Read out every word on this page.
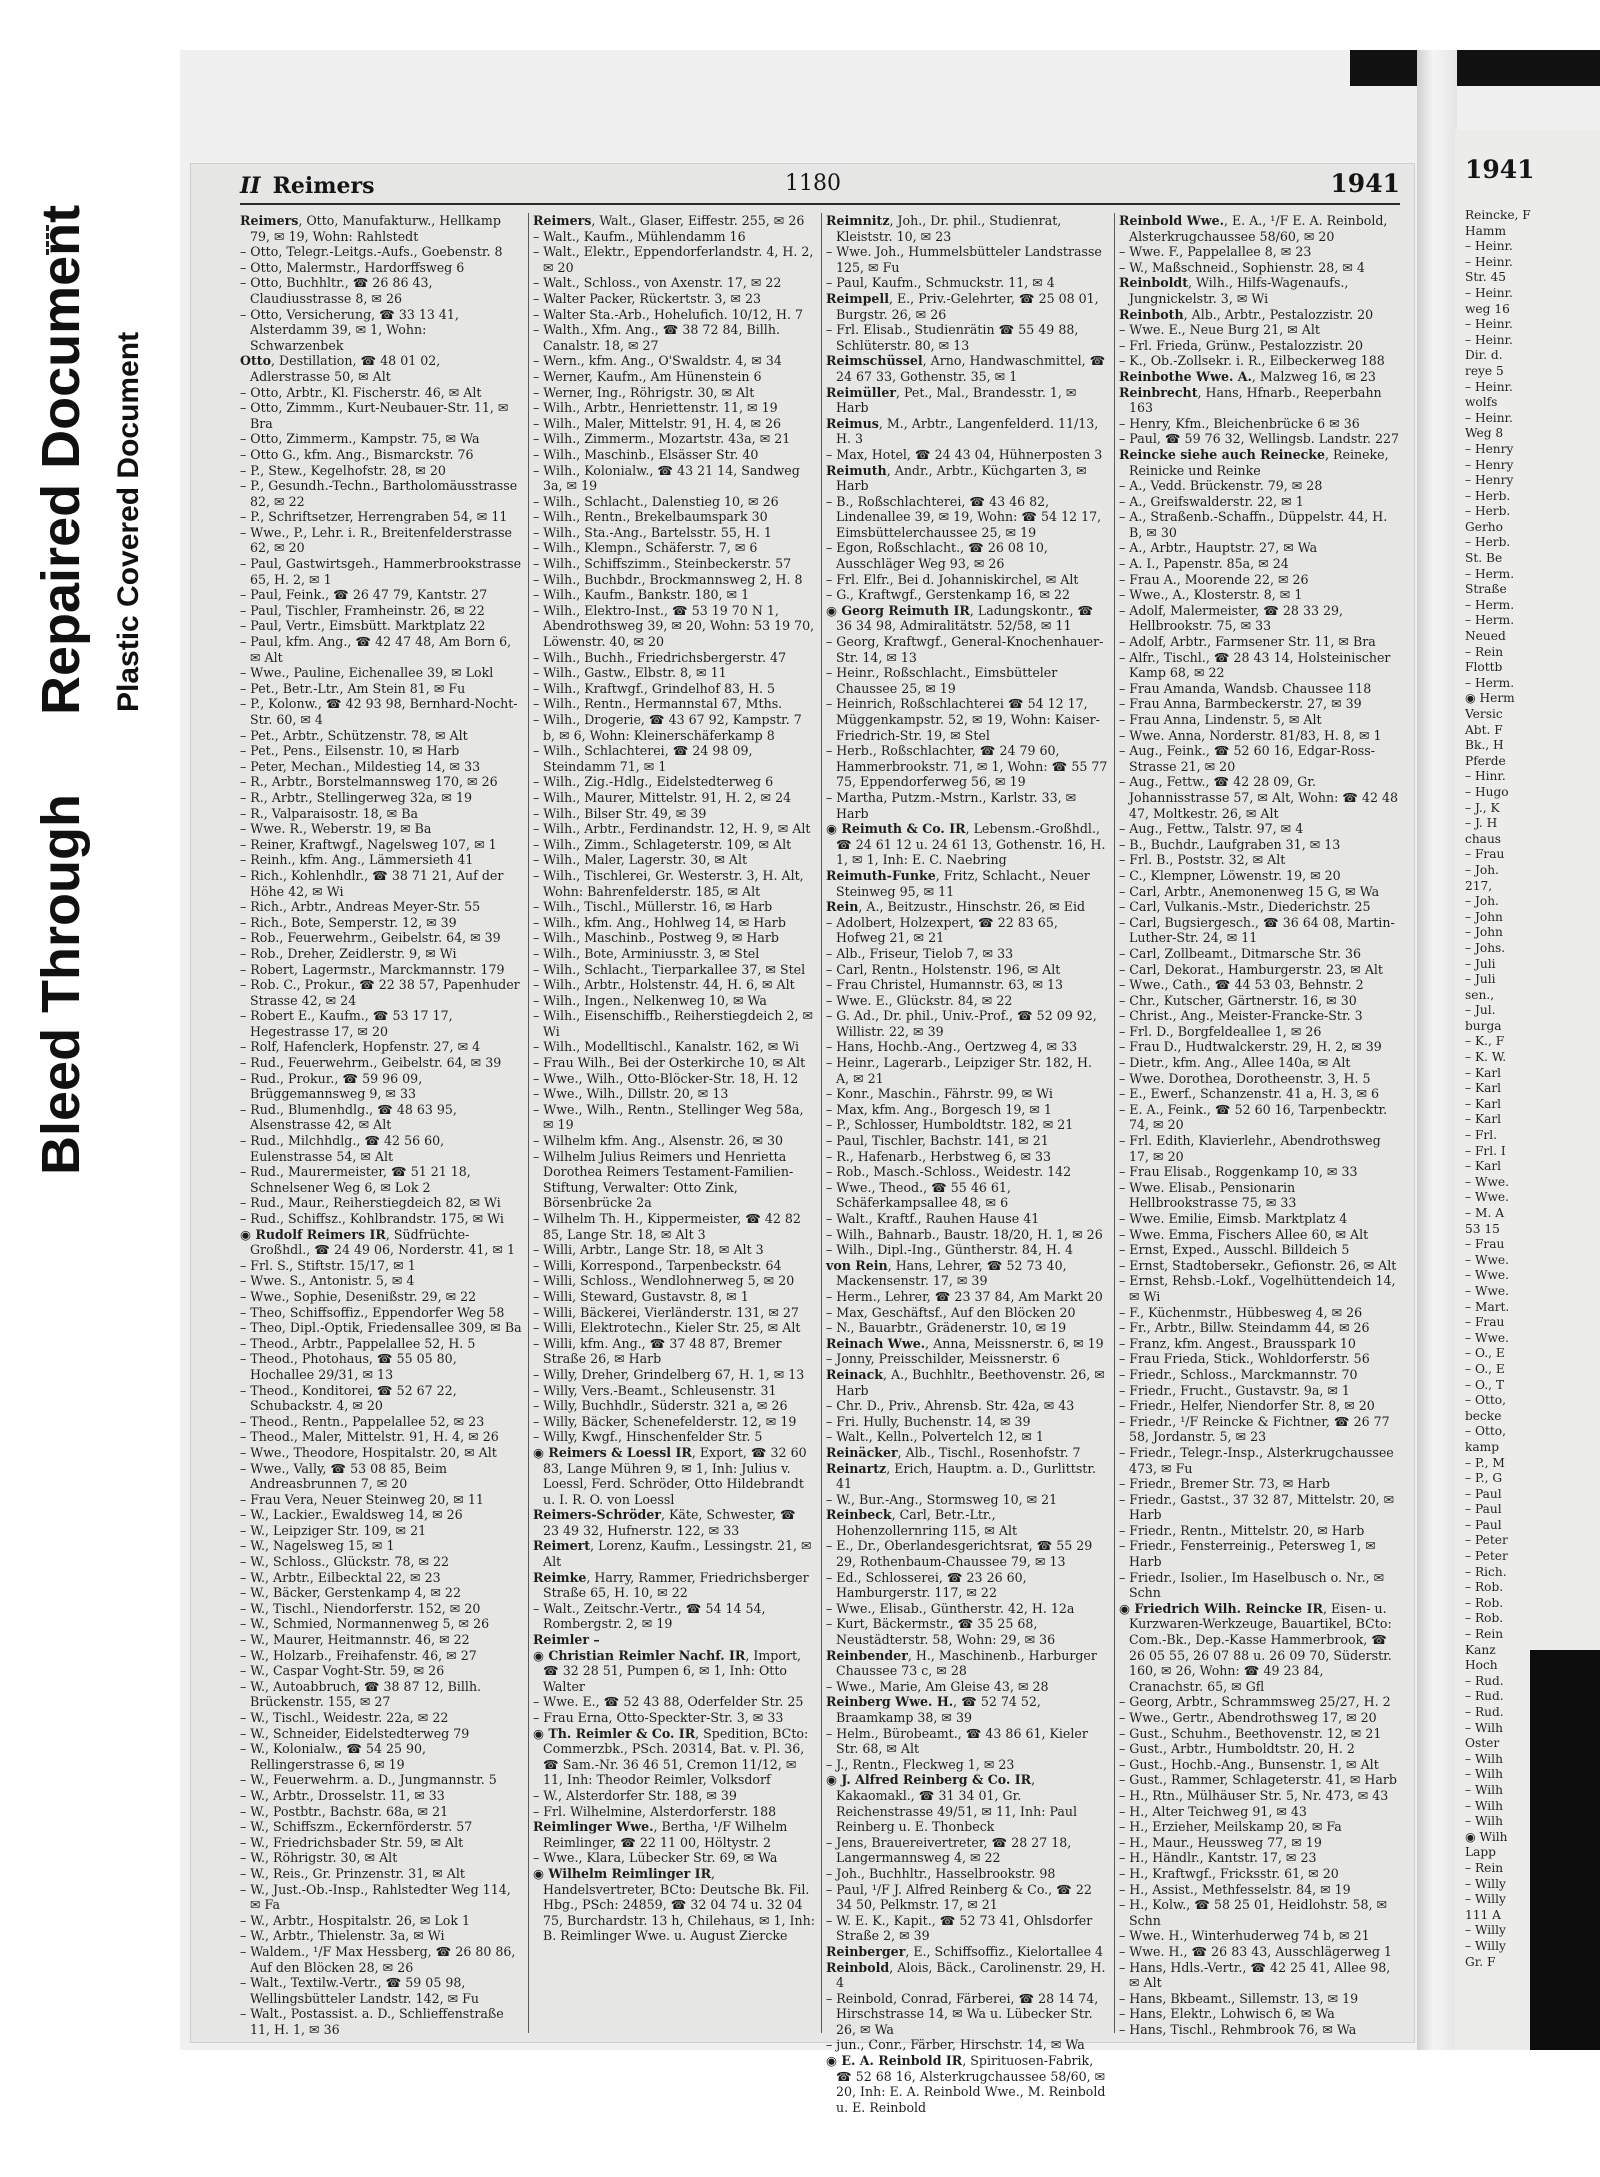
Bleed Through
Repaired Document Plastic Covered Document
1941
Reincke, F
Hamm
– Heinr.
– Heinr.
Str. 45
– Heinr.
weg 16
– Heinr.
– Heinr.
Dir. d.
reye 5
– Heinr.
wolfs
– Heinr.
Weg 8
– Henry
– Henry
– Henry
– Herb.
– Herb.
Gerho
– Herb.
St. Be
– Herm.
Straße
– Herm.
– Herm.
Neued
– Rein
Flottb
– Herm.
◉ Herm
Versic
Abt. F
Bk., H
Pferde
– Hinr.
– Hugo
– J., K
– J. H
chaus
– Frau
– Joh.
217,
– Joh.
– John
– John
– Johs.
– Juli
– Juli
sen.,
– Jul.
burga
– K., F
– K. W.
– Karl
– Karl
– Karl
– Karl
– Frl.
– Frl. I
– Karl
– Wwe.
– Wwe.
– M. A
53 15
– Frau
– Wwe.
– Wwe.
– Wwe.
– Mart.
– Frau
– Wwe.
– O., E
– O., E
– O., T
– Otto,
becke
– Otto,
kamp
– P., M
– P., G
– Paul
– Paul
– Paul
– Peter
– Peter
– Rich.
– Rob.
– Rob.
– Rob.
– Rein
Kanz
Hoch
– Rud.
– Rud.
– Rud.
– Wilh
Oster
– Wilh
– Wilh
– Wilh
– Wilh
– Wilh
◉ Wilh
Lapp
– Rein
– Willy
– Willy
111 A
– Willy
– Willy
Gr. F
II Reimers	1180	1941

Reimers, Otto, Manufakturw., Hellkamp 79, ✉ 19, Wohn: Rahlstedt

– Otto, Telegr.-Leitgs.-Aufs., Goebenstr. 8

– Otto, Malermstr., Hardorffsweg 6

– Otto, Buchhltr., ☎ 26 86 43, Claudiusstrasse 8, ✉ 26

– Otto, Versicherung, ☎ 33 13 41, Alsterdamm 39, ✉ 1, Wohn: Schwarzenbek

Otto, Destillation, ☎ 48 01 02, Adlerstrasse 50, ✉ Alt

– Otto, Arbtr., Kl. Fischerstr. 46, ✉ Alt

– Otto, Zimmm., Kurt-Neubauer-Str. 11, ✉ Bra

– Otto, Zimmerm., Kampstr. 75, ✉ Wa

– Otto G., kfm. Ang., Bismarckstr. 76

– P., Stew., Kegelhofstr. 28, ✉ 20

– P., Gesundh.-Techn., Bartholomäusstrasse 82, ✉ 22

– P., Schriftsetzer, Herrengraben 54, ✉ 11

– Wwe., P., Lehr. i. R., Breitenfelderstrasse 62, ✉ 20

– Paul, Gastwirtsgeh., Hammerbrookstrasse 65, H. 2, ✉ 1

– Paul, Feink., ☎ 26 47 79, Kantstr. 27

– Paul, Tischler, Framheinstr. 26, ✉ 22

– Paul, Vertr., Eimsbütt. Marktplatz 22

– Paul, kfm. Ang., ☎ 42 47 48, Am Born 6, ✉ Alt

– Wwe., Pauline, Eichenallee 39, ✉ Lokl

– Pet., Betr.-Ltr., Am Stein 81, ✉ Fu

– P., Kolonw., ☎ 42 93 98, Bernhard-Nocht-Str. 60, ✉ 4

– Pet., Arbtr., Schützenstr. 78, ✉ Alt

– Pet., Pens., Eilsenstr. 10, ✉ Harb

– Peter, Mechan., Mildestieg 14, ✉ 33

– R., Arbtr., Borstelmannsweg 170, ✉ 26

– R., Arbtr., Stellingerweg 32a, ✉ 19

– R., Valparaisostr. 18, ✉ Ba

– Wwe. R., Weberstr. 19, ✉ Ba

– Reiner, Kraftwgf., Nagelsweg 107, ✉ 1

– Reinh., kfm. Ang., Lämmersieth 41

– Rich., Kohlenhdlr., ☎ 38 71 21, Auf der Höhe 42, ✉ Wi

– Rich., Arbtr., Andreas Meyer-Str. 55

– Rich., Bote, Semperstr. 12, ✉ 39

– Rob., Feuerwehrm., Geibelstr. 64, ✉ 39

– Rob., Dreher, Zeidlerstr. 9, ✉ Wi

– Robert, Lagermstr., Marckmannstr. 179

– Rob. C., Prokur., ☎ 22 38 57, Papenhuder Strasse 42, ✉ 24

– Robert E., Kaufm., ☎ 53 17 17, Hegestrasse 17, ✉ 20

– Rolf, Hafenclerk, Hopfenstr. 27, ✉ 4

– Rud., Feuerwehrm., Geibelstr. 64, ✉ 39

– Rud., Prokur., ☎ 59 96 09, Brüggemannsweg 9, ✉ 33

– Rud., Blumenhdlg., ☎ 48 63 95, Alsenstrasse 42, ✉ Alt

– Rud., Milchhdlg., ☎ 42 56 60, Eulenstrasse 54, ✉ Alt

– Rud., Maurermeister, ☎ 51 21 18, Schnelsener Weg 6, ✉ Lok 2

– Rud., Maur., Reiherstiegdeich 82, ✉ Wi

– Rud., Schiffsz., Kohlbrandstr. 175, ✉ Wi

◉ Rudolf Reimers IR, Südfrüchte-Großhdl., ☎ 24 49 06, Norderstr. 41, ✉ 1

– Frl. S., Stiftstr. 15/17, ✉ 1

– Wwe. S., Antonistr. 5, ✉ 4

– Wwe., Sophie, Desenißstr. 29, ✉ 22

– Theo, Schiffsoffiz., Eppendorfer Weg 58

– Theo, Dipl.-Optik, Friedensallee 309, ✉ Ba

– Theod., Arbtr., Pappelallee 52, H. 5

– Theod., Photohaus, ☎ 55 05 80, Hochallee 29/31, ✉ 13

– Theod., Konditorei, ☎ 52 67 22, Schubackstr. 4, ✉ 20

– Theod., Rentn., Pappelallee 52, ✉ 23

– Theod., Maler, Mittelstr. 91, H. 4, ✉ 26

– Wwe., Theodore, Hospitalstr. 20, ✉ Alt

– Wwe., Vally, ☎ 53 08 85, Beim Andreasbrunnen 7, ✉ 20

– Frau Vera, Neuer Steinweg 20, ✉ 11

– W., Lackier., Ewaldsweg 14, ✉ 26

– W., Leipziger Str. 109, ✉ 21

– W., Nagelsweg 15, ✉ 1

– W., Schloss., Glückstr. 78, ✉ 22

– W., Arbtr., Eilbecktal 22, ✉ 23

– W., Bäcker, Gerstenkamp 4, ✉ 22

– W., Tischl., Niendorferstr. 152, ✉ 20

– W., Schmied, Normannenweg 5, ✉ 26

– W., Maurer, Heitmannstr. 46, ✉ 22

– W., Holzarb., Freihafenstr. 46, ✉ 27

– W., Caspar Voght-Str. 59, ✉ 26

– W., Autoabbruch, ☎ 38 87 12, Billh. Brückenstr. 155, ✉ 27

– W., Tischl., Weidestr. 22a, ✉ 22

– W., Schneider, Eidelstedterweg 79

– W., Kolonialw., ☎ 54 25 90, Rellingerstrasse 6, ✉ 19

– W., Feuerwehrm. a. D., Jungmannstr. 5

– W., Arbtr., Drosselstr. 11, ✉ 33

– W., Postbtr., Bachstr. 68a, ✉ 21

– W., Schiffszm., Eckernförderstr. 57

– W., Friedrichsbader Str. 59, ✉ Alt

– W., Röhrigstr. 30, ✉ Alt

– W., Reis., Gr. Prinzenstr. 31, ✉ Alt

– W., Just.-Ob.-Insp., Rahlstedter Weg 114, ✉ Fa

– W., Arbtr., Hospitalstr. 26, ✉ Lok 1

– W., Arbtr., Thielenstr. 3a, ✉ Wi

– Waldem., ¹/F Max Hessberg, ☎ 26 80 86, Auf den Blöcken 28, ✉ 26

– Walt., Textilw.-Vertr., ☎ 59 05 98, Wellingsbütteler Landstr. 142, ✉ Fu

– Walt., Postassist. a. D., Schlieffenstraße 11, H. 1, ✉ 36

Reimers, Walt., Glaser, Eiffestr. 255, ✉ 26

– Walt., Kaufm., Mühlendamm 16

– Walt., Elektr., Eppendorferlandstr. 4, H. 2, ✉ 20

– Walt., Schloss., von Axenstr. 17, ✉ 22

– Walter Packer, Rückertstr. 3, ✉ 23

– Walter Sta.-Arb., Hohelufich. 10/12, H. 7

– Walth., Xfm. Ang., ☎ 38 72 84, Billh. Canalstr. 18, ✉ 27

– Wern., kfm. Ang., O'Swaldstr. 4, ✉ 34

– Werner, Kaufm., Am Hünenstein 6

– Werner, Ing., Röhrigstr. 30, ✉ Alt

– Wilh., Arbtr., Henriettenstr. 11, ✉ 19

– Wilh., Maler, Mittelstr. 91, H. 4, ✉ 26

– Wilh., Zimmerm., Mozartstr. 43a, ✉ 21

– Wilh., Maschinb., Elsässer Str. 40

– Wilh., Kolonialw., ☎ 43 21 14, Sandweg 3a, ✉ 19

– Wilh., Schlacht., Dalenstieg 10, ✉ 26

– Wilh., Rentn., Brekelbaumspark 30

– Wilh., Sta.-Ang., Bartelsstr. 55, H. 1

– Wilh., Klempn., Schäferstr. 7, ✉ 6

– Wilh., Schiffszimm., Steinbeckerstr. 57

– Wilh., Buchbdr., Brockmannsweg 2, H. 8

– Wilh., Kaufm., Bankstr. 180, ✉ 1

– Wilh., Elektro-Inst., ☎ 53 19 70 N 1, Abendrothsweg 39, ✉ 20, Wohn: 53 19 70, Löwenstr. 40, ✉ 20

– Wilh., Buchh., Friedrichsbergerstr. 47

– Wilh., Gastw., Elbstr. 8, ✉ 11

– Wilh., Kraftwgf., Grindelhof 83, H. 5

– Wilh., Rentn., Hermannstal 67, Mths.

– Wilh., Drogerie, ☎ 43 67 92, Kampstr. 7 b, ✉ 6, Wohn: Kleinerschäferkamp 8

– Wilh., Schlachterei, ☎ 24 98 09, Steindamm 71, ✉ 1

– Wilh., Zig.-Hdlg., Eidelstedterweg 6

– Wilh., Maurer, Mittelstr. 91, H. 2, ✉ 24

– Wilh., Bilser Str. 49, ✉ 39

– Wilh., Arbtr., Ferdinandstr. 12, H. 9, ✉ Alt

– Wilh., Zimm., Schlageterstr. 109, ✉ Alt

– Wilh., Maler, Lagerstr. 30, ✉ Alt

– Wilh., Tischlerei, Gr. Westerstr. 3, H. Alt, Wohn: Bahrenfelderstr. 185, ✉ Alt

– Wilh., Tischl., Müllerstr. 16, ✉ Harb

– Wilh., kfm. Ang., Hohlweg 14, ✉ Harb

– Wilh., Maschinb., Postweg 9, ✉ Harb

– Wilh., Bote, Arminiusstr. 3, ✉ Stel

– Wilh., Schlacht., Tierparkallee 37, ✉ Stel

– Wilh., Arbtr., Holstenstr. 44, H. 6, ✉ Alt

– Wilh., Ingen., Nelkenweg 10, ✉ Wa

– Wilh., Eisenschiffb., Reiherstiegdeich 2, ✉ Wi

– Wilh., Modelltischl., Kanalstr. 162, ✉ Wi

– Frau Wilh., Bei der Osterkirche 10, ✉ Alt

– Wwe., Wilh., Otto-Blöcker-Str. 18, H. 12

– Wwe., Wilh., Dillstr. 20, ✉ 13

– Wwe., Wilh., Rentn., Stellinger Weg 58a, ✉ 19

– Wilhelm kfm. Ang., Alsenstr. 26, ✉ 30

– Wilhelm Julius Reimers und Henrietta Dorothea Reimers Testament-Familien-Stiftung, Verwalter: Otto Zink, Börsenbrücke 2a

– Wilhelm Th. H., Kippermeister, ☎ 42 82 85, Lange Str. 18, ✉ Alt 3

– Willi, Arbtr., Lange Str. 18, ✉ Alt 3

– Willi, Korrespond., Tarpenbeckstr. 64

– Willi, Schloss., Wendlohnerweg 5, ✉ 20

– Willi, Steward, Gustavstr. 8, ✉ 1

– Willi, Bäckerei, Vierländerstr. 131, ✉ 27

– Willi, Elektrotechn., Kieler Str. 25, ✉ Alt

– Willi, kfm. Ang., ☎ 37 48 87, Bremer Straße 26, ✉ Harb

– Willy, Dreher, Grindelberg 67, H. 1, ✉ 13

– Willy, Vers.-Beamt., Schleusenstr. 31

– Willy, Buchhdlr., Süderstr. 321 a, ✉ 26

– Willy, Bäcker, Schenefelderstr. 12, ✉ 19

– Willy, Kwgf., Hinschenfelder Str. 5

◉ Reimers & Loessl IR, Export, ☎ 32 60 83, Lange Mühren 9, ✉ 1, Inh: Julius v. Loessl, Ferd. Schröder, Otto Hildebrandt u. I. R. O. von Loessl

Reimers-Schröder, Käte, Schwester, ☎ 23 49 32, Hufnerstr. 122, ✉ 33

Reimert, Lorenz, Kaufm., Lessingstr. 21, ✉ Alt

Reimke, Harry, Rammer, Friedrichsberger Straße 65, H. 10, ✉ 22

– Walt., Zeitschr.-Vertr., ☎ 54 14 54, Rombergstr. 2, ✉ 19

Reimler –

◉ Christian Reimler Nachf. IR, Import, ☎ 32 28 51, Pumpen 6, ✉ 1, Inh: Otto Walter

– Wwe. E., ☎ 52 43 88, Oderfelder Str. 25

– Frau Erna, Otto-Speckter-Str. 3, ✉ 33

◉ Th. Reimler & Co. IR, Spedition, BCto: Commerzbk., PSch. 20314, Bat. v. Pl. 36, ☎ Sam.-Nr. 36 46 51, Cremon 11/12, ✉ 11, Inh: Theodor Reimler, Volksdorf

– W., Alsterdorfer Str. 188, ✉ 39

– Frl. Wilhelmine, Alsterdorferstr. 188

Reimlinger Wwe., Bertha, ¹/F Wilhelm Reimlinger, ☎ 22 11 00, Höltystr. 2

– Wwe., Klara, Lübecker Str. 69, ✉ Wa

◉ Wilhelm Reimlinger IR, Handelsvertreter, BCto: Deutsche Bk. Fil. Hbg., PSch: 24859, ☎ 32 04 74 u. 32 04 75, Burchardstr. 13 h, Chilehaus, ✉ 1, Inh: B. Reimlinger Wwe. u. August Ziercke

Reimnitz, Joh., Dr. phil., Studienrat, Kleiststr. 10, ✉ 23

– Wwe. Joh., Hummelsbütteler Landstrasse 125, ✉ Fu

– Paul, Kaufm., Schmuckstr. 11, ✉ 4

Reimpell, E., Priv.-Gelehrter, ☎ 25 08 01, Burgstr. 26, ✉ 26

– Frl. Elisab., Studienrätin ☎ 55 49 88, Schlüterstr. 80, ✉ 13

Reimschüssel, Arno, Handwaschmittel, ☎ 24 67 33, Gothenstr. 35, ✉ 1

Reimüller, Pet., Mal., Brandesstr. 1, ✉ Harb

Reimus, M., Arbtr., Langenfelderd. 11/13, H. 3

– Max, Hotel, ☎ 24 43 04, Hühnerposten 3

Reimuth, Andr., Arbtr., Küchgarten 3, ✉ Harb

– B., Roßschlachterei, ☎ 43 46 82, Lindenallee 39, ✉ 19, Wohn: ☎ 54 12 17, Eimsbüttelerchaussee 25, ✉ 19

– Egon, Roßschlacht., ☎ 26 08 10, Ausschläger Weg 93, ✉ 26

– Frl. Elfr., Bei d. Johanniskirchel, ✉ Alt

– G., Kraftwgf., Gerstenkamp 16, ✉ 22

◉ Georg Reimuth IR, Ladungskontr., ☎ 36 34 98, Admiralitätstr. 52/58, ✉ 11

– Georg, Kraftwgf., General-Knochenhauer-Str. 14, ✉ 13

– Heinr., Roßschlacht., Eimsbütteler Chaussee 25, ✉ 19

– Heinrich, Roßschlachterei ☎ 54 12 17, Müggenkampstr. 52, ✉ 19, Wohn: Kaiser-Friedrich-Str. 19, ✉ Stel

– Herb., Roßschlachter, ☎ 24 79 60, Hammerbrookstr. 71, ✉ 1, Wohn: ☎ 55 77 75, Eppendorferweg 56, ✉ 19

– Martha, Putzm.-Mstrn., Karlstr. 33, ✉ Harb

◉ Reimuth & Co. IR, Lebensm.-Großhdl., ☎ 24 61 12 u. 24 61 13, Gothenstr. 16, H. 1, ✉ 1, Inh: E. C. Naebring

Reimuth-Funke, Fritz, Schlacht., Neuer Steinweg 95, ✉ 11

Rein, A., Beitzustr., Hinschstr. 26, ✉ Eid

– Adolbert, Holzexpert, ☎ 22 83 65, Hofweg 21, ✉ 21

– Alb., Friseur, Tielob 7, ✉ 33

– Carl, Rentn., Holstenstr. 196, ✉ Alt

– Frau Christel, Humannstr. 63, ✉ 13

– Wwe. E., Glückstr. 84, ✉ 22

– G. Ad., Dr. phil., Univ.-Prof., ☎ 52 09 92, Willistr. 22, ✉ 39

– Hans, Hochb.-Ang., Oertzweg 4, ✉ 33

– Heinr., Lagerarb., Leipziger Str. 182, H. A, ✉ 21

– Konr., Maschin., Fährstr. 99, ✉ Wi

– Max, kfm. Ang., Borgesch 19, ✉ 1

– P., Schlosser, Humboldtstr. 182, ✉ 21

– Paul, Tischler, Bachstr. 141, ✉ 21

– R., Hafenarb., Herbstweg 6, ✉ 33

– Rob., Masch.-Schloss., Weidestr. 142

– Wwe., Theod., ☎ 55 46 61, Schäferkampsallee 48, ✉ 6

– Walt., Kraftf., Rauhen Hause 41

– Wilh., Bahnarb., Baustr. 18/20, H. 1, ✉ 26

– Wilh., Dipl.-Ing., Güntherstr. 84, H. 4

von Rein, Hans, Lehrer, ☎ 52 73 40, Mackensenstr. 17, ✉ 39

– Herm., Lehrer, ☎ 23 37 84, Am Markt 20

– Max, Geschäftsf., Auf den Blöcken 20

– N., Bauarbtr., Grädenerstr. 10, ✉ 19

Reinach Wwe., Anna, Meissnerstr. 6, ✉ 19

– Jonny, Preisschilder, Meissnerstr. 6

Reinack, A., Buchhltr., Beethovenstr. 26, ✉ Harb

– Chr. D., Priv., Ahrensb. Str. 42a, ✉ 43

– Fri. Hully, Buchenstr. 14, ✉ 39

– Walt., Kelln., Polvertelch 12, ✉ 1

Reinäcker, Alb., Tischl., Rosenhofstr. 7

Reinartz, Erich, Hauptm. a. D., Gurlittstr. 41

– W., Bur.-Ang., Stormsweg 10, ✉ 21

Reinbeck, Carl, Betr.-Ltr., Hohenzollernring 115, ✉ Alt

– E., Dr., Oberlandesgerichtsrat, ☎ 55 29 29, Rothenbaum-Chaussee 79, ✉ 13

– Ed., Schlosserei, ☎ 23 26 60, Hamburgerstr. 117, ✉ 22

– Wwe., Elisab., Güntherstr. 42, H. 12a

– Kurt, Bäckermstr., ☎ 35 25 68, Neustädterstr. 58, Wohn: 29, ✉ 36

Reinbender, H., Maschinenb., Harburger Chaussee 73 c, ✉ 28

– Wwe., Marie, Am Gleise 43, ✉ 28

Reinberg Wwe. H., ☎ 52 74 52, Braamkamp 38, ✉ 39

– Helm., Bürobeamt., ☎ 43 86 61, Kieler Str. 68, ✉ Alt

– J., Rentn., Fleckweg 1, ✉ 23

◉ J. Alfred Reinberg & Co. IR, Kakaomakl., ☎ 31 34 01, Gr. Reichenstrasse 49/51, ✉ 11, Inh: Paul Reinberg u. E. Thonbeck

– Jens, Brauereivertreter, ☎ 28 27 18, Langermannsweg 4, ✉ 22

– Joh., Buchhltr., Hasselbrookstr. 98

– Paul, ¹/F J. Alfred Reinberg & Co., ☎ 22 34 50, Pelkmstr. 17, ✉ 21

– W. E. K., Kapit., ☎ 52 73 41, Ohlsdorfer Straße 2, ✉ 39

Reinberger, E., Schiffsoffiz., Kielortallee 4

Reinbold, Alois, Bäck., Carolinenstr. 29, H. 4

– Reinbold, Conrad, Färberei, ☎ 28 14 74, Hirschstrasse 14, ✉ Wa u. Lübecker Str. 26, ✉ Wa

– jun., Conr., Färber, Hirschstr. 14, ✉ Wa

◉ E. A. Reinbold IR, Spirituosen-Fabrik, ☎ 52 68 16, Alsterkrugchaussee 58/60, ✉ 20, Inh: E. A. Reinbold Wwe., M. Reinbold u. E. Reinbold

Reinbold Wwe., E. A., ¹/F E. A. Reinbold, Alsterkrugchaussee 58/60, ✉ 20

– Wwe. F., Pappelallee 8, ✉ 23

– W., Maßschneid., Sophienstr. 28, ✉ 4

Reinboldt, Wilh., Hilfs-Wagenaufs., Jungnickelstr. 3, ✉ Wi

Reinboth, Alb., Arbtr., Pestalozzistr. 20

– Wwe. E., Neue Burg 21, ✉ Alt

– Frl. Frieda, Grünw., Pestalozzistr. 20

– K., Ob.-Zollsekr. i. R., Eilbeckerweg 188

Reinbothe Wwe. A., Malzweg 16, ✉ 23

Reinbrecht, Hans, Hfnarb., Reeperbahn 163

– Henry, Kfm., Bleichenbrücke 6 ✉ 36

– Paul, ☎ 59 76 32, Wellingsb. Landstr. 227

Reincke siehe auch Reinecke, Reineke, Reinicke und Reinke

– A., Vedd. Brückenstr. 79, ✉ 28

– A., Greifswalderstr. 22, ✉ 1

– A., Straßenb.-Schaffn., Düppelstr. 44, H. B, ✉ 30

– A., Arbtr., Hauptstr. 27, ✉ Wa

– A. I., Papenstr. 85a, ✉ 24

– Frau A., Moorende 22, ✉ 26

– Wwe., A., Klosterstr. 8, ✉ 1

– Adolf, Malermeister, ☎ 28 33 29, Hellbrookstr. 75, ✉ 33

– Adolf, Arbtr., Farmsener Str. 11, ✉ Bra

– Alfr., Tischl., ☎ 28 43 14, Holsteinischer Kamp 68, ✉ 22

– Frau Amanda, Wandsb. Chaussee 118

– Frau Anna, Barmbeckerstr. 27, ✉ 39

– Frau Anna, Lindenstr. 5, ✉ Alt

– Wwe. Anna, Norderstr. 81/83, H. 8, ✉ 1

– Aug., Feink., ☎ 52 60 16, Edgar-Ross-Strasse 21, ✉ 20

– Aug., Fettw., ☎ 42 28 09, Gr. Johannisstrasse 57, ✉ Alt, Wohn: ☎ 42 48 47, Moltkestr. 26, ✉ Alt

– Aug., Fettw., Talstr. 97, ✉ 4

– B., Buchdr., Laufgraben 31, ✉ 13

– Frl. B., Poststr. 32, ✉ Alt

– C., Klempner, Löwenstr. 19, ✉ 20

– Carl, Arbtr., Anemonenweg 15 G, ✉ Wa

– Carl, Vulkanis.-Mstr., Diederichstr. 25

– Carl, Bugsiergesch., ☎ 36 64 08, Martin-Luther-Str. 24, ✉ 11

– Carl, Zollbeamt., Ditmarsche Str. 36

– Carl, Dekorat., Hamburgerstr. 23, ✉ Alt

– Wwe., Cath., ☎ 44 53 03, Behnstr. 2

– Chr., Kutscher, Gärtnerstr. 16, ✉ 30

– Christ., Ang., Meister-Francke-Str. 3

– Frl. D., Borgfeldeallee 1, ✉ 26

– Frau D., Hudtwalckerstr. 29, H. 2, ✉ 39

– Dietr., kfm. Ang., Allee 140a, ✉ Alt

– Wwe. Dorothea, Dorotheenstr. 3, H. 5

– E., Ewerf., Schanzenstr. 41 a, H. 3, ✉ 6

– E. A., Feink., ☎ 52 60 16, Tarpenbecktr. 74, ✉ 20

– Frl. Edith, Klavierlehr., Abendrothsweg 17, ✉ 20

– Frau Elisab., Roggenkamp 10, ✉ 33

– Wwe. Elisab., Pensionarin Hellbrookstrasse 75, ✉ 33

– Wwe. Emilie, Eimsb. Marktplatz 4

– Wwe. Emma, Fischers Allee 60, ✉ Alt

– Ernst, Exped., Ausschl. Billdeich 5

– Ernst, Stadtobersekr., Gefionstr. 26, ✉ Alt

– Ernst, Rehsb.-Lokf., Vogelhüttendeich 14, ✉ Wi

– F., Küchenmstr., Hübbesweg 4, ✉ 26

– Fr., Arbtr., Billw. Steindamm 44, ✉ 26

– Franz, kfm. Angest., Brausspark 10

– Frau Frieda, Stick., Wohldorferstr. 56

– Friedr., Schloss., Marckmannstr. 70

– Friedr., Frucht., Gustavstr. 9a, ✉ 1

– Friedr., Helfer, Niendorfer Str. 8, ✉ 20

– Friedr., ¹/F Reincke & Fichtner, ☎ 26 77 58, Jordanstr. 5, ✉ 23

– Friedr., Telegr.-Insp., Alsterkrugchaussee 473, ✉ Fu

– Friedr., Bremer Str. 73, ✉ Harb

– Friedr., Gastst., 37 32 87, Mittelstr. 20, ✉ Harb

– Friedr., Rentn., Mittelstr. 20, ✉ Harb

– Friedr., Fensterreinig., Petersweg 1, ✉ Harb

– Friedr., Isolier., Im Haselbusch o. Nr., ✉ Schn

◉ Friedrich Wilh. Reincke IR, Eisen- u. Kurzwaren-Werkzeuge, Bauartikel, BCto: Com.-Bk., Dep.-Kasse Hammerbrook, ☎ 26 05 55, 26 07 88 u. 26 09 70, Süderstr. 160, ✉ 26, Wohn: ☎ 49 23 84, Cranachstr. 65, ✉ Gfl

– Georg, Arbtr., Schrammsweg 25/27, H. 2

– Wwe., Gertr., Abendrothsweg 17, ✉ 20

– Gust., Schuhm., Beethovenstr. 12, ✉ 21

– Gust., Arbtr., Humboldtstr. 20, H. 2

– Gust., Hochb.-Ang., Bunsenstr. 1, ✉ Alt

– Gust., Rammer, Schlageterstr. 41, ✉ Harb

– H., Rtn., Mülhäuser Str. 5, Nr. 473, ✉ 43

– H., Alter Teichweg 91, ✉ 43

– H., Erzieher, Meilskamp 20, ✉ Fa

– H., Maur., Heussweg 77, ✉ 19

– H., Händlr., Kantstr. 17, ✉ 23

– H., Kraftwgf., Fricksstr. 61, ✉ 20

– H., Assist., Methfesselstr. 84, ✉ 19

– H., Kolw., ☎ 58 25 01, Heidlohstr. 58, ✉ Schn

– Wwe. H., Winterhuderweg 74 b, ✉ 21

– Wwe. H., ☎ 26 83 43, Ausschlägerweg 1

– Hans, Hdls.-Vertr., ☎ 42 25 41, Allee 98, ✉ Alt

– Hans, Bkbeamt., Sillemstr. 13, ✉ 19

– Hans, Elektr., Lohwisch 6, ✉ Wa

– Hans, Tischl., Rehmbrook 76, ✉ Wa
